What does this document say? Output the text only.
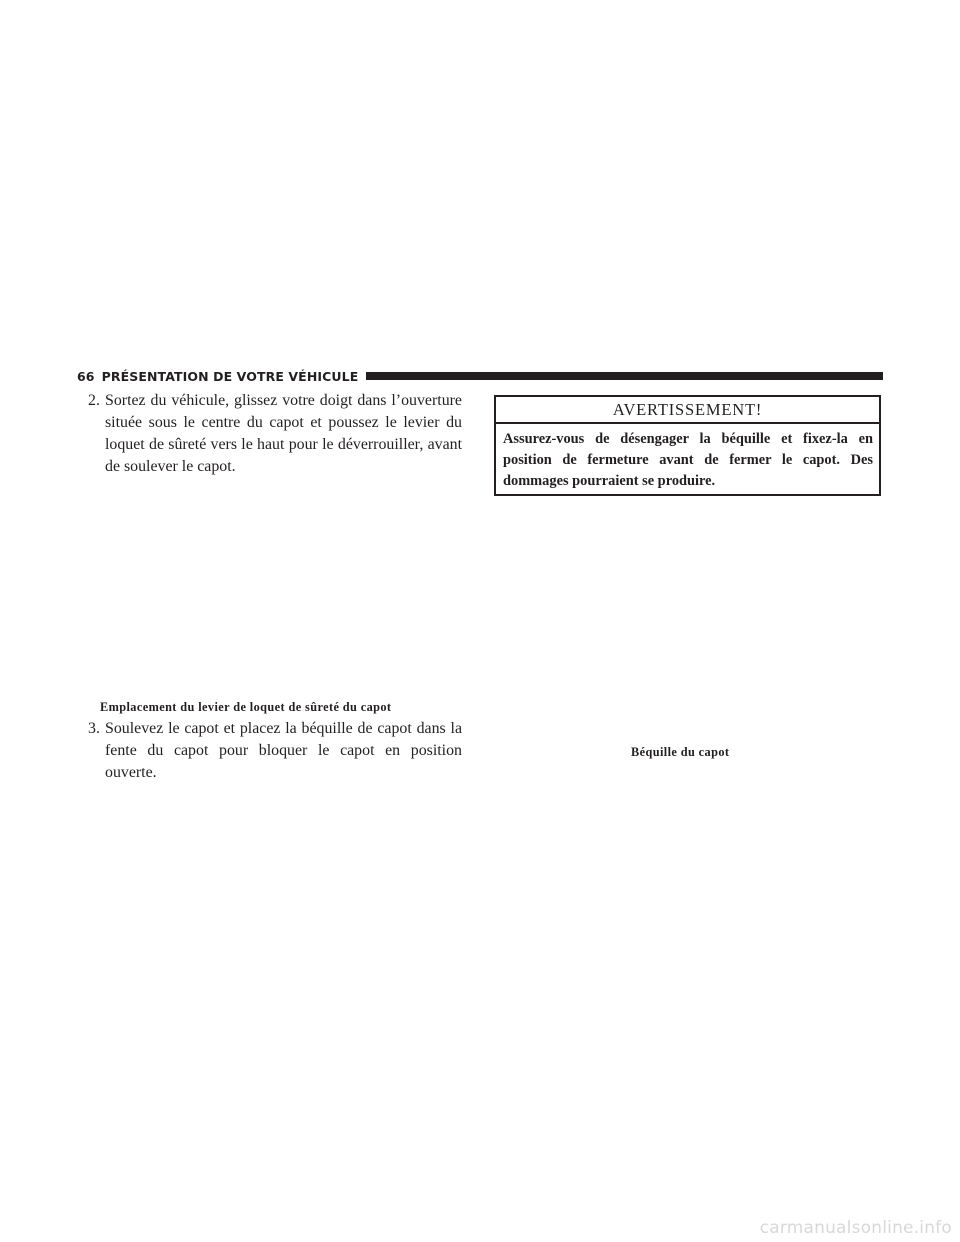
66 PRÉSENTATION DE VOTRE VÉHICULE
2. Sortez du véhicule, glissez votre doigt dans l’ouverture située sous le centre du capot et poussez le levier du loquet de sûreté vers le haut pour le déverrouiller, avant de soulever le capot.
Emplacement du levier de loquet de sûreté du capot
3. Soulevez le capot et placez la béquille de capot dans la fente du capot pour bloquer le capot en position ouverte.
AVERTISSEMENT!
Assurez-vous de désengager la béquille et fixez-la en position de fermeture avant de fermer le capot. Des dommages pourraient se produire.
Béquille du capot
carmanualsonline.info
